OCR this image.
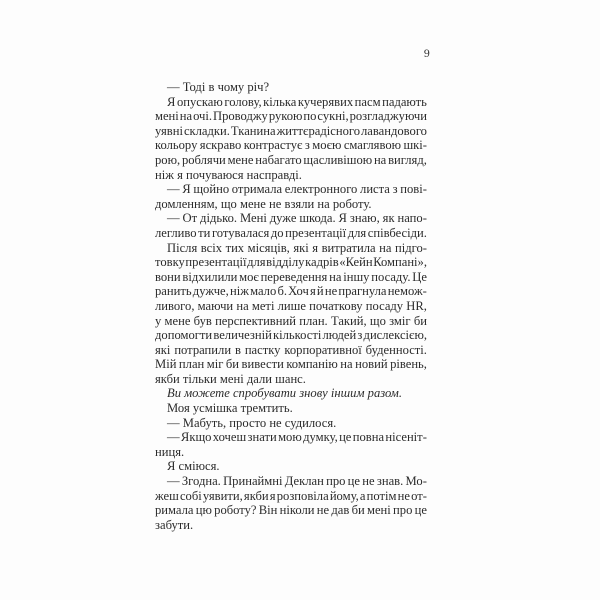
9
— Тоді в чому річ?
Я опускаю голову, кілька кучерявих пасм падають
мені на очі. Проводжу рукою по сукні, розгладжуючи
уявні складки. Тканина життєрадісного лавандового
кольору яскраво контрастує з моєю смаглявою шкі-
рою, роблячи мене набагато щасливішою на вигляд,
ніж я почуваюся насправді.
— Я щойно отримала електронного листа з пові-
домленням, що мене не взяли на роботу.
— От дідько. Мені дуже шкода. Я знаю, як напо-
легливо ти готувалася до презентації для співбесіди.
Після всіх тих місяців, які я витратила на підго-
товку презентації для відділу кадрів «Кейн Компані»,
вони відхилили моє переведення на іншу посаду. Це
ранить дужче, ніж мало б. Хоч я й не прагнула немож-
ливого, маючи на меті лише початкову посаду HR,
у мене був перспективний план. Такий, що зміг би
допомогти величезній кількості людей з дислексією,
які потрапили в пастку корпоративної буденності.
Мій план міг би вивести компанію на новий рівень,
якби тільки мені дали шанс.
Ви можете спробувати знову іншим разом.
Моя усмішка тремтить.
— Мабуть, просто не судилося.
— Якщо хочеш знати мою думку, це повна нісеніт-
ниця.
Я сміюся.
— Згодна. Принаймні Деклан про це не знав. Мо-
жеш собі уявити, якби я розповіла йому, а потім не от-
римала цю роботу? Він ніколи не дав би мені про це
забути.
